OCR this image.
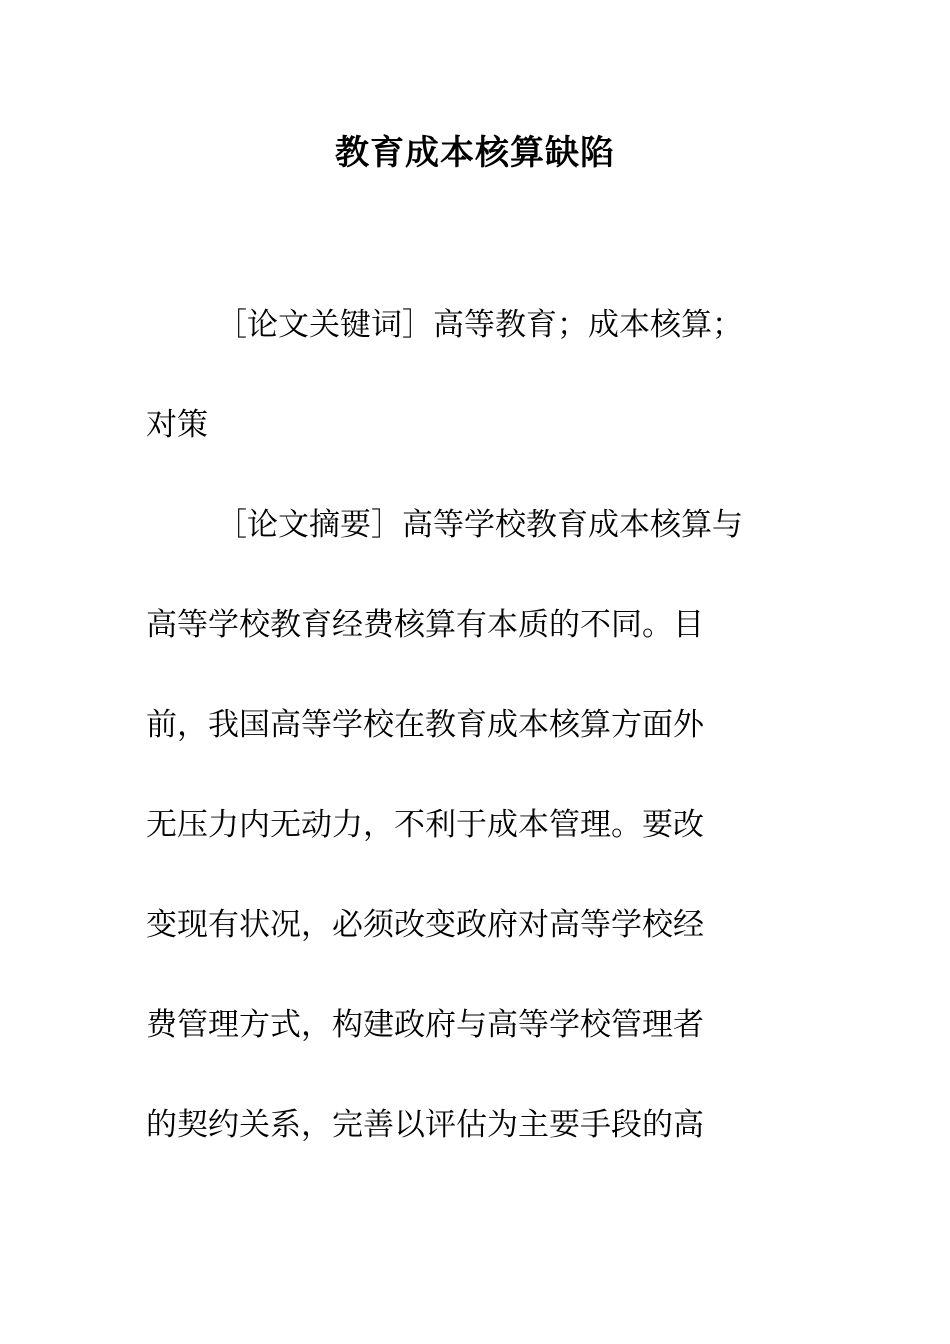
教育成本核算缺陷
［论文关键词］高等教育；成本核算；
对策
［论文摘要］高等学校教育成本核算与
高等学校教育经费核算有本质的不同。目
前，我国高等学校在教育成本核算方面外
无压力内无动力，不利于成本管理。要改
变现有状况，必须改变政府对高等学校经
费管理方式，构建政府与高等学校管理者
的契约关系，完善以评估为主要手段的高
